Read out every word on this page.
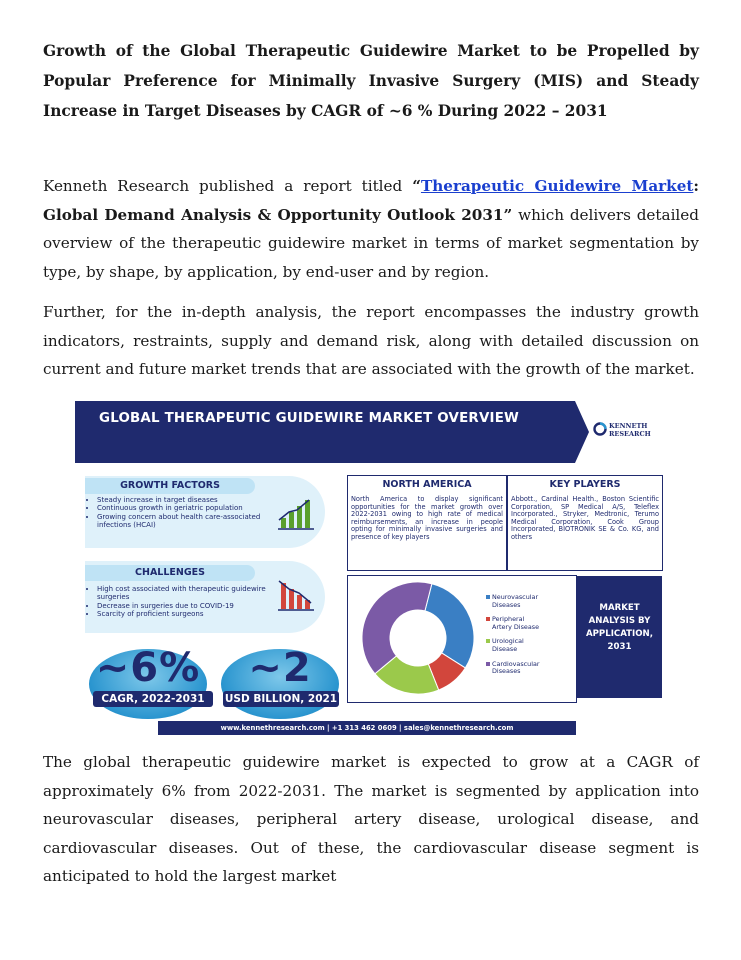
Growth of the Global Therapeutic Guidewire Market to be Propelled by Popular Preference for Minimally Invasive Surgery (MIS) and Steady Increase in Target Diseases by CAGR of ~6 % During 2022 – 2031
Kenneth Research published a report titled “Therapeutic Guidewire Market: Global Demand Analysis & Opportunity Outlook 2031” which delivers detailed overview of the therapeutic guidewire market in terms of market segmentation by type, by shape, by application, by end-user and by region.
Further, for the in-depth analysis, the report encompasses the industry growth indicators, restraints, supply and demand risk, along with detailed discussion on current and future market trends that are associated with the growth of the market.
GLOBAL THERAPEUTIC GUIDEWIRE MARKET OVERVIEW	KENNETH
RESEARCH
GROWTH FACTORS
• Steady increase in target diseases
• Continuous growth in geriatric population
• Growing concern about health care-associated infections (HCAI)
CHALLENGES
• High cost associated with therapeutic guidewire surgeries
• Decrease in surgeries due to COVID-19
• Scarcity of proficient surgeons
~6%
CAGR, 2022-2031
~2
USD BILLION, 2021
NORTH AMERICA
North America to display significant opportunities for the market growth over 2022-2031 owing to high rate of medical reimbursements, an increase in people opting for minimally invasive surgeries and presence of key players
KEY PLAYERS
Abbott., Cardinal Health., Boston Scientific Corporation, SP Medical A/S, Teleflex Incorporated., Stryker, Medtronic, Terumo Medical Corporation, Cook Group Incorporated, BIOTRONIK SE & Co. KG, and others
Neurovascular
Diseases
Peripheral
Artery Disease
Urological
Disease
Cardiovascular
Diseases
MARKET
ANALYSIS BY
APPLICATION,
2031
www.kennethresearch.com | +1 313 462 0609 | sales@kennethresearch.com
The global therapeutic guidewire market is expected to grow at a CAGR of approximately 6% from 2022-2031. The market is segmented by application into neurovascular diseases, peripheral artery disease, urological disease, and cardiovascular diseases. Out of these, the cardiovascular disease segment is anticipated to hold the largest market
